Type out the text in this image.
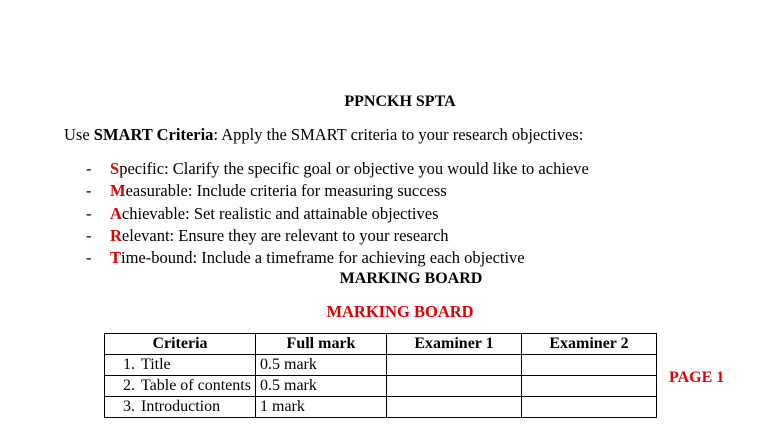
PPNCKH SPTA
Use SMART Criteria: Apply the SMART criteria to your research objectives:
- Specific: Clarify the specific goal or objective you would like to achieve
- Measurable: Include criteria for measuring success
- Achievable: Set realistic and attainable objectives
- Relevant: Ensure they are relevant to your research
- Time-bound: Include a timeframe for achieving each objective
MARKING BOARD
MARKING BOARD
PAGE 1
Criteria	Full mark	Examiner 1	Examiner 2

1. Title	0.5 mark		

2. Table of contents	0.5 mark		

3. Introduction	1 mark		
